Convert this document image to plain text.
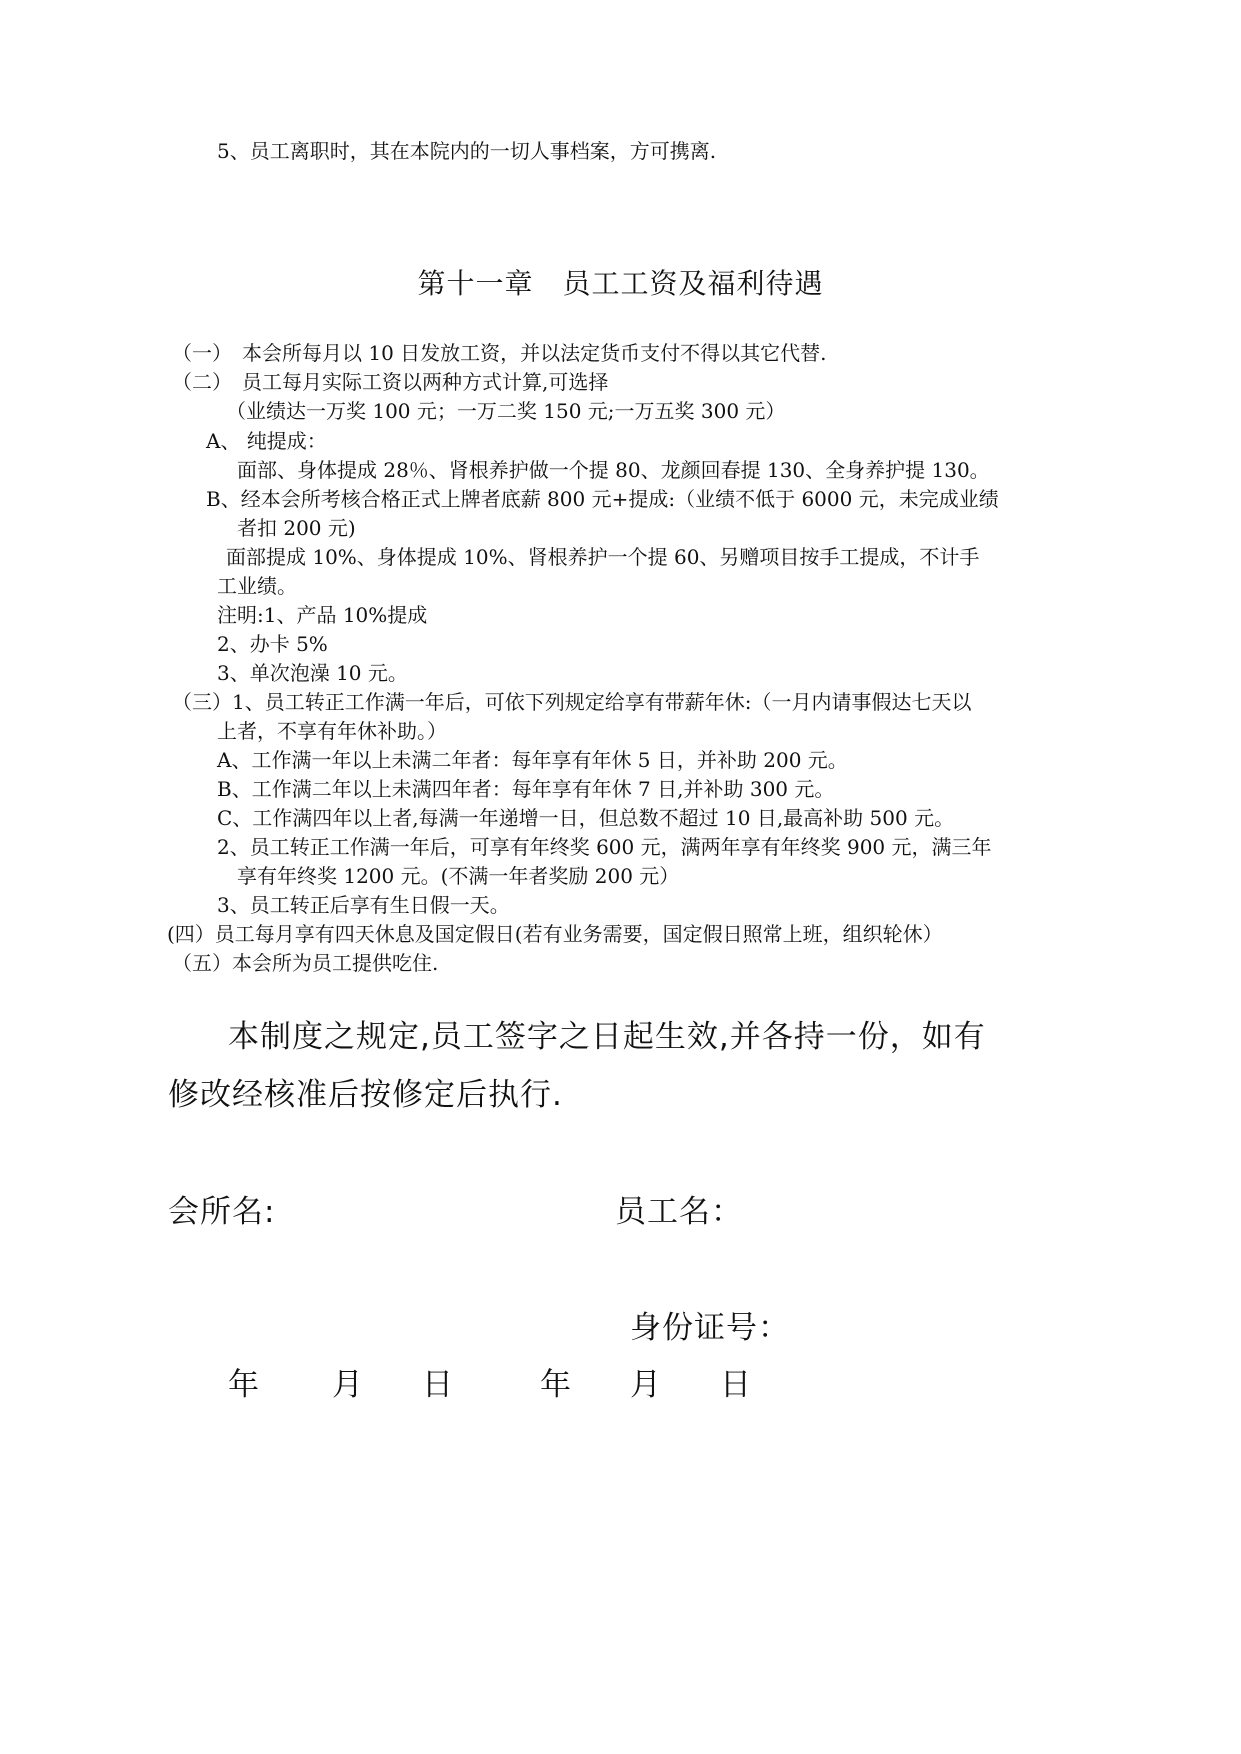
5、员工离职时，其在本院内的一切人事档案，方可携离.
第十一章　员工工资及福利待遇
（一）　本会所每月以 10 日发放工资，并以法定货币支付不得以其它代替.
（二）　员工每月实际工资以两种方式计算,可选择
（业绩达一万奖 100 元；一万二奖 150 元;一万五奖 300 元）
A、 纯提成：
面部、身体提成 28％、肾根养护做一个提 80、龙颜回春提 130、全身养护提 130。
B、经本会所考核合格正式上牌者底薪 800 元+提成:（业绩不低于 6000 元，未完成业绩
者扣 200 元)
面部提成 10%、身体提成 10%、肾根养护一个提 60、另赠项目按手工提成，不计手
工业绩。
注明:1、产品 10%提成
2、办卡 5%
3、单次泡澡 10 元。
（三）1、员工转正工作满一年后，可依下列规定给享有带薪年休:（一月内请事假达七天以
上者，不享有年休补助。）
A、工作满一年以上未满二年者：每年享有年休 5 日，并补助 200 元。
B、工作满二年以上未满四年者：每年享有年休 7 日,并补助 300 元。
C、工作满四年以上者,每满一年递增一日，但总数不超过 10 日,最高补助 500 元。
2、员工转正工作满一年后，可享有年终奖 600 元，满两年享有年终奖 900 元，满三年
享有年终奖 1200 元。(不满一年者奖励 200 元）
3、员工转正后享有生日假一天。
(四）员工每月享有四天休息及国定假日(若有业务需要，国定假日照常上班，组织轮休）
（五）本会所为员工提供吃住.
本制度之规定,员工签字之日起生效,并各持一份，如有
修改经核准后按修定后执行.
会所名:	员工名：
身份证号：
年 月 日	年 月 日
